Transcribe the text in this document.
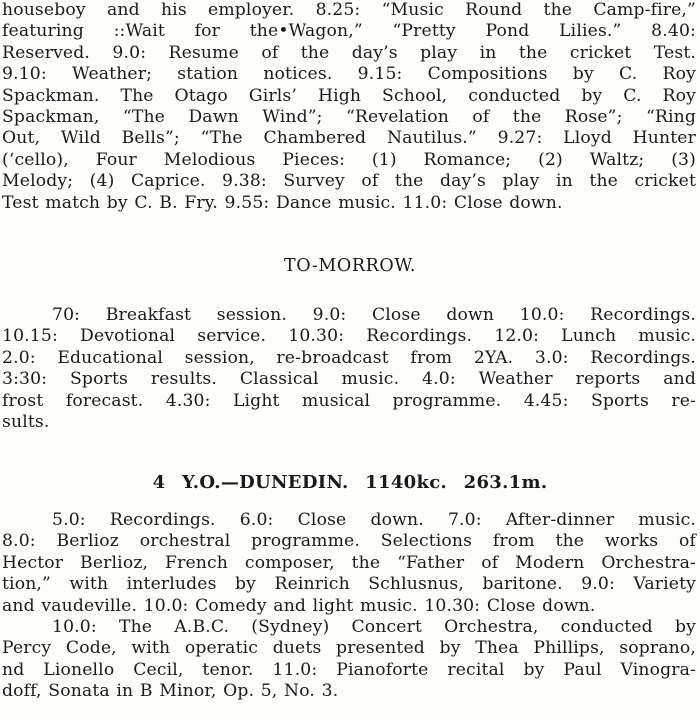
houseboy and his employer. 8.25: “Music Round the Camp-fire,”
featuring ::Wait for the•Wagon,” “Pretty Pond Lilies.” 8.40:
Reserved. 9.0: Resume of the day’s play in the cricket Test.
9.10: Weather; station notices. 9.15: Compositions by C. Roy
Spackman. The Otago Girls’ High School, conducted by C. Roy
Spackman, “The Dawn Wind”; “Revelation of the Rose”; “Ring
Out, Wild Bells”; “The Chambered Nautilus.” 9.27: Lloyd Hunter
(‘cello), Four Melodious Pieces: (1) Romance; (2) Waltz; (3)
Melody; (4) Caprice. 9.38: Survey of the day’s play in the cricket
Test match by C. B. Fry. 9.55: Dance music. 11.0: Close down.
TO-MORROW.
70: Breakfast session. 9.0: Close down 10.0: Recordings.
10.15: Devotional service. 10.30: Recordings. 12.0: Lunch music.
2.0: Educational session, re-broadcast from 2YA. 3.0: Recordings.
3:30: Sports results. Classical music. 4.0: Weather reports and
frost forecast. 4.30: Light musical programme. 4.45: Sports re-
sults.
4 Y.O.—DUNEDIN. 1140kc. 263.1m.
5.0: Recordings. 6.0: Close down. 7.0: After-dinner music.
8.0: Berlioz orchestral programme. Selections from the works of
Hector Berlioz, French composer, the “Father of Modern Orchestra-
tion,” with interludes by Reinrich Schlusnus, baritone. 9.0: Variety
and vaudeville. 10.0: Comedy and light music. 10.30: Close down.
10.0: The A.B.C. (Sydney) Concert Orchestra, conducted by
Percy Code, with operatic duets presented by Thea Phillips, soprano,
nd Lionello Cecil, tenor. 11.0: Pianoforte recital by Paul Vinogra-
doff, Sonata in B Minor, Op. 5, No. 3.
